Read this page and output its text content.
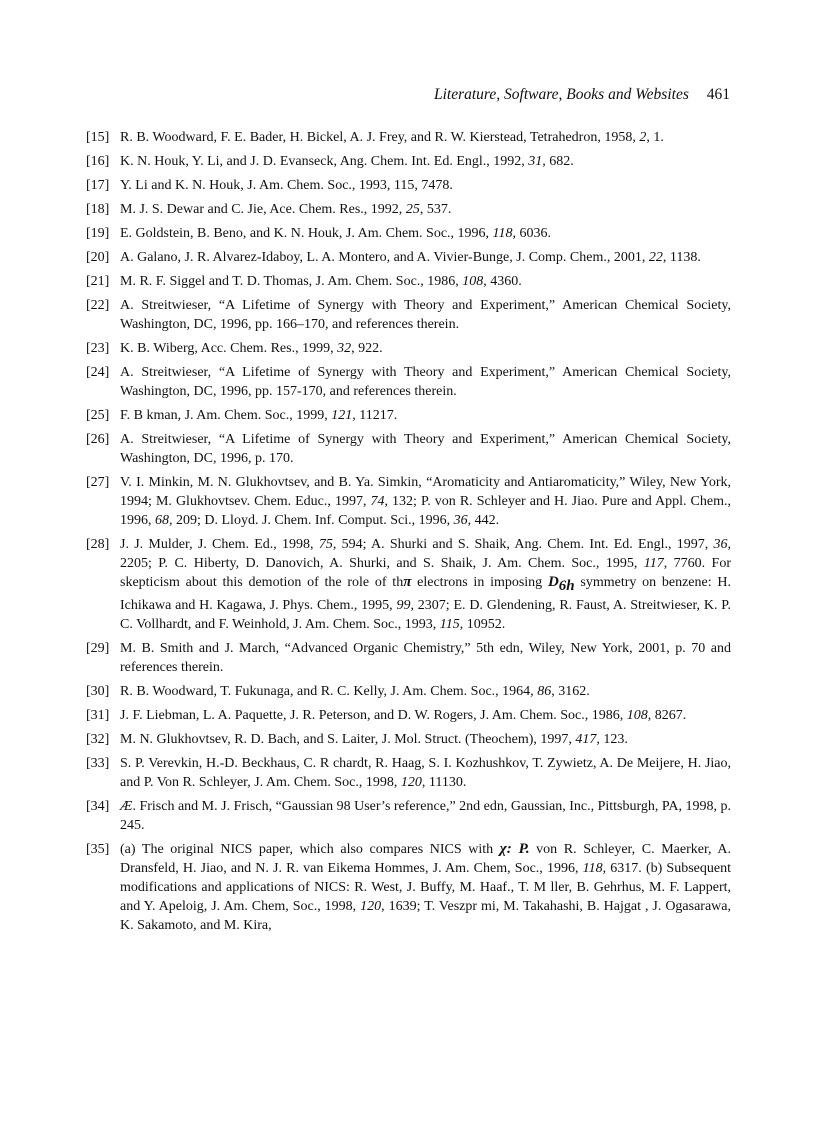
Literature, Software, Books and Websites 461
[15] R. B. Woodward, F. E. Bader, H. Bickel, A. J. Frey, and R. W. Kierstead, Tetrahedron, 1958, 2, 1.
[16] K. N. Houk, Y. Li, and J. D. Evanseck, Ang. Chem. Int. Ed. Engl., 1992, 31, 682.
[17] Y. Li and K. N. Houk, J. Am. Chem. Soc., 1993, 115, 7478.
[18] M. J. S. Dewar and C. Jie, Ace. Chem. Res., 1992, 25, 537.
[19] E. Goldstein, B. Beno, and K. N. Houk, J. Am. Chem. Soc., 1996, 118, 6036.
[20] A. Galano, J. R. Alvarez-Idaboy, L. A. Montero, and A. Vivier-Bunge, J. Comp. Chem., 2001, 22, 1138.
[21] M. R. F. Siggel and T. D. Thomas, J. Am. Chem. Soc., 1986, 108, 4360.
[22] A. Streitwieser, “A Lifetime of Synergy with Theory and Experiment,” American Chemical Society, Washington, DC, 1996, pp. 166–170, and references therein.
[23] K. B. Wiberg, Acc. Chem. Res., 1999, 32, 922.
[24] A. Streitwieser, “A Lifetime of Synergy with Theory and Experiment,” American Chemical Society, Washington, DC, 1996, pp. 157-170, and references therein.
[25] F. B kman, J. Am. Chem. Soc., 1999, 121, 11217.
[26] A. Streitwieser, “A Lifetime of Synergy with Theory and Experiment,” American Chemical Society, Washington, DC, 1996, p. 170.
[27] V. I. Minkin, M. N. Glukhovtsev, and B. Ya. Simkin, “Aromaticity and Antiaromaticity,” Wiley, New York, 1994; M. Glukhovtsev. Chem. Educ., 1997, 74, 132; P. von R. Schleyer and H. Jiao. Pure and Appl. Chem., 1996, 68, 209; D. Lloyd. J. Chem. Inf. Comput. Sci., 1996, 36, 442.
[28] J. J. Mulder, J. Chem. Ed., 1998, 75, 594; A. Shurki and S. Shaik, Ang. Chem. Int. Ed. Engl., 1997, 36, 2205; P. C. Hiberty, D. Danovich, A. Shurki, and S. Shaik, J. Am. Chem. Soc., 1995, 117, 7760. For skepticism about this demotion of the role of thπ electrons in imposing $D_{6h}$ symmetry on benzene: H. Ichikawa and H. Kagawa, J. Phys. Chem., 1995, 99, 2307; E. D. Glendening, R. Faust, A. Streitwieser, K. P. C. Vollhardt, and F. Weinhold, J. Am. Chem. Soc., 1993, 115, 10952.
[29] M. B. Smith and J. March, “Advanced Organic Chemistry,” 5th edn, Wiley, New York, 2001, p. 70 and references therein.
[30] R. B. Woodward, T. Fukunaga, and R. C. Kelly, J. Am. Chem. Soc., 1964, 86, 3162.
[31] J. F. Liebman, L. A. Paquette, J. R. Peterson, and D. W. Rogers, J. Am. Chem. Soc., 1986, 108, 8267.
[32] M. N. Glukhovtsev, R. D. Bach, and S. Laiter, J. Mol. Struct. (Theochem), 1997, 417, 123.
[33] S. P. Verevkin, H.-D. Beckhaus, C. R chardt, R. Haag, S. I. Kozhushkov, T. Zywietz, A. De Meijere, H. Jiao, and P. Von R. Schleyer, J. Am. Chem. Soc., 1998, 120, 11130.
[34] Æ. Frisch and M. J. Frisch, “Gaussian 98 User’s reference,” 2nd edn, Gaussian, Inc., Pittsburgh, PA, 1998, p. 245.
[35] (a) The original NICS paper, which also compares NICS with χ: P. von R. Schleyer, C. Maerker, A. Dransfeld, H. Jiao, and N. J. R. van Eikema Hommes, J. Am. Chem, Soc., 1996, 118, 6317. (b) Subsequent modifications and applications of NICS: R. West, J. Buffy, M. Haaf., T. M ller, B. Gehrhus, M. F. Lappert, and Y. Apeloig, J. Am. Chem, Soc., 1998, 120, 1639; T. Veszpr mi, M. Takahashi, B. Hajgat , J. Ogasarawa, K. Sakamoto, and M. Kira,
